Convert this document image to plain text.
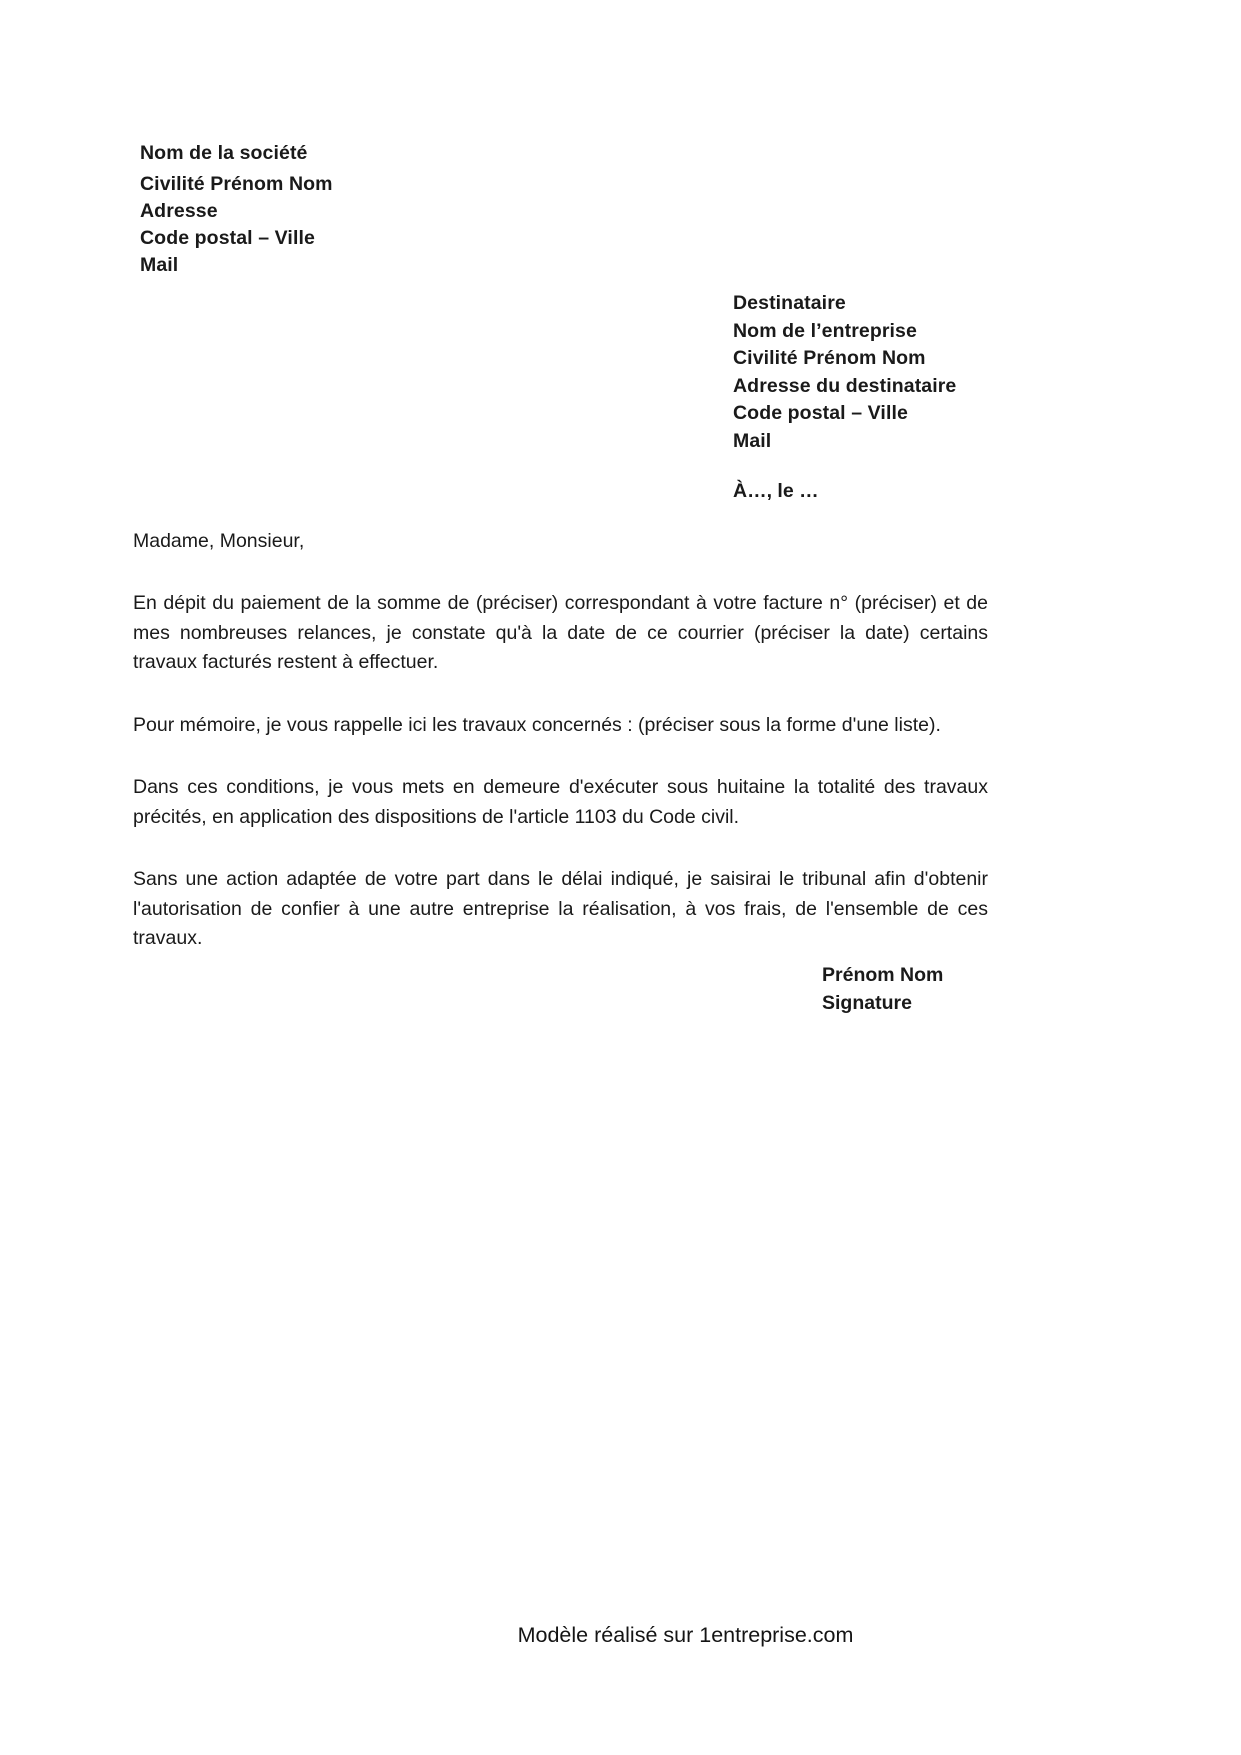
Nom de la société
Civilité Prénom Nom
Adresse
Code postal – Ville
Mail
Destinataire
Nom de l’entreprise
Civilité Prénom Nom
Adresse du destinataire
Code postal – Ville
Mail
À…, le …

Madame, Monsieur,

En dépit du paiement de la somme de (préciser) correspondant à votre facture n° (préciser) et de mes nombreuses relances, je constate qu'à la date de ce courrier (préciser la date) certains travaux facturés restent à effectuer.

Pour mémoire, je vous rappelle ici les travaux concernés : (préciser sous la forme d'une liste).

Dans ces conditions, je vous mets en demeure d'exécuter sous huitaine la totalité des travaux précités, en application des dispositions de l'article 1103 du Code civil.

Sans une action adaptée de votre part dans le délai indiqué, je saisirai le tribunal afin d'obtenir l'autorisation de confier à une autre entreprise la réalisation, à vos frais, de l'ensemble de ces travaux.

Prénom Nom
Signature
Modèle réalisé sur 1entreprise.com
